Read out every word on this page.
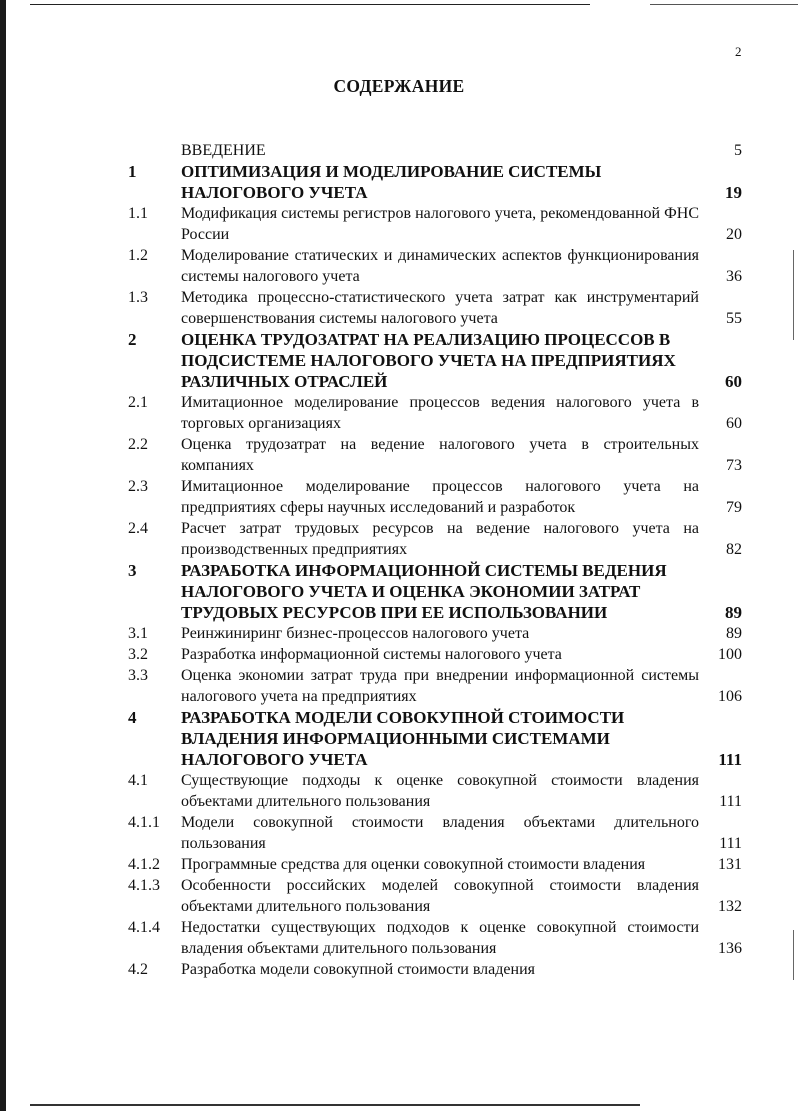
2
СОДЕРЖАНИЕ
ВВЕДЕНИЕ	5
1	ОПТИМИЗАЦИЯ И МОДЕЛИРОВАНИЕ СИСТЕМЫ НАЛОГОВОГО УЧЕТА	19
1.1 Модификация системы регистров налогового учета, рекомендованной ФНС России	20
1.2 Моделирование статических и динамических аспектов функционирования системы налогового учета	36
1.3 Методика процессно-статистического учета затрат как инструментарий совершенствования системы налогового учета	55
2	ОЦЕНКА ТРУДОЗАТРАТ НА РЕАЛИЗАЦИЮ ПРОЦЕССОВ В ПОДСИСТЕМЕ НАЛОГОВОГО УЧЕТА НА ПРЕДПРИЯТИЯХ РАЗЛИЧНЫХ ОТРАСЛЕЙ	60
2.1 Имитационное моделирование процессов ведения налогового учета в торговых организациях	60
2.2 Оценка трудозатрат на ведение налогового учета в строительных компаниях	73
2.3 Имитационное моделирование процессов налогового учета на предприятиях сферы научных исследований и разработок	79
2.4 Расчет затрат трудовых ресурсов на ведение налогового учета на производственных предприятиях	82
3	РАЗРАБОТКА ИНФОРМАЦИОННОЙ СИСТЕМЫ ВЕДЕНИЯ НАЛОГОВОГО УЧЕТА И ОЦЕНКА ЭКОНОМИИ ЗАТРАТ ТРУДОВЫХ РЕСУРСОВ ПРИ ЕЕ ИСПОЛЬЗОВАНИИ	89
3.1 Реинжиниринг бизнес-процессов налогового учета	89
3.2 Разработка информационной системы налогового учета	100
3.3 Оценка экономии затрат труда при внедрении информационной системы налогового учета на предприятиях	106
4	РАЗРАБОТКА МОДЕЛИ СОВОКУПНОЙ СТОИМОСТИ ВЛАДЕНИЯ ИНФОРМАЦИОННЫМИ СИСТЕМАМИ НАЛОГОВОГО УЧЕТА	111
4.1 Существующие подходы к оценке совокупной стоимости владения объектами длительного пользования	111
4.1.1 Модели совокупной стоимости владения объектами длительного пользования	111
4.1.2 Программные средства для оценки совокупной стоимости владения	131
4.1.3 Особенности российских моделей совокупной стоимости владения объектами длительного пользования	132
4.1.4 Недостатки существующих подходов к оценке совокупной стоимости владения объектами длительного пользования	136
4.2 Разработка модели совокупной стоимости владения
